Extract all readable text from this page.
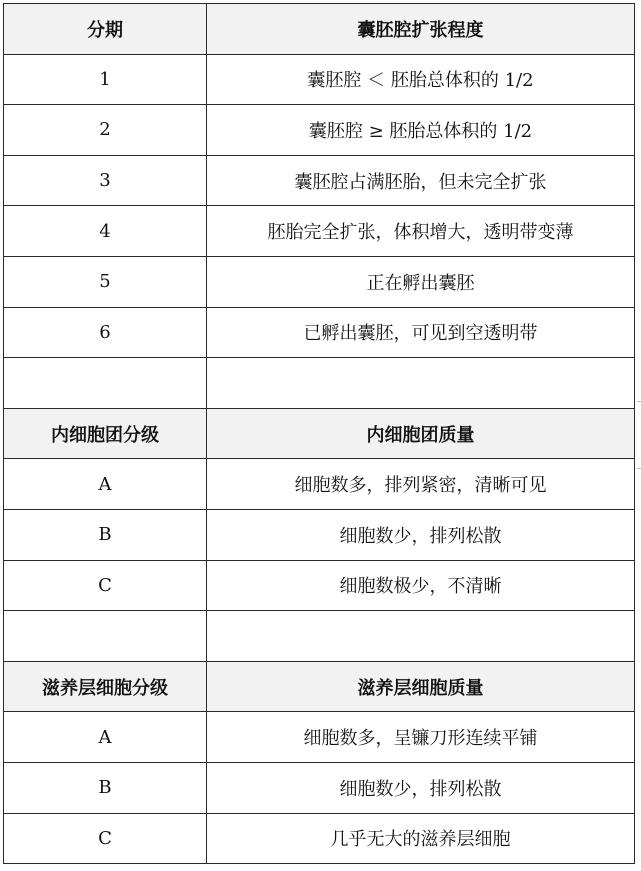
分期	囊胚腔扩张程度
1	囊胚腔 ＜ 胚胎总体积的 1/2
2	囊胚腔 ≥ 胚胎总体积的 1/2
3	囊胚腔占满胚胎，但未完全扩张
4	胚胎完全扩张，体积增大，透明带变薄
5	正在孵出囊胚
6	已孵出囊胚，可见到空透明带

内细胞团分级	内细胞团质量
A	细胞数多，排列紧密，清晰可见
B	细胞数少，排列松散
C	细胞数极少，不清晰

滋养层细胞分级	滋养层细胞质量
A	细胞数多，呈镰刀形连续平铺
B	细胞数少，排列松散
C	几乎无大的滋养层细胞
